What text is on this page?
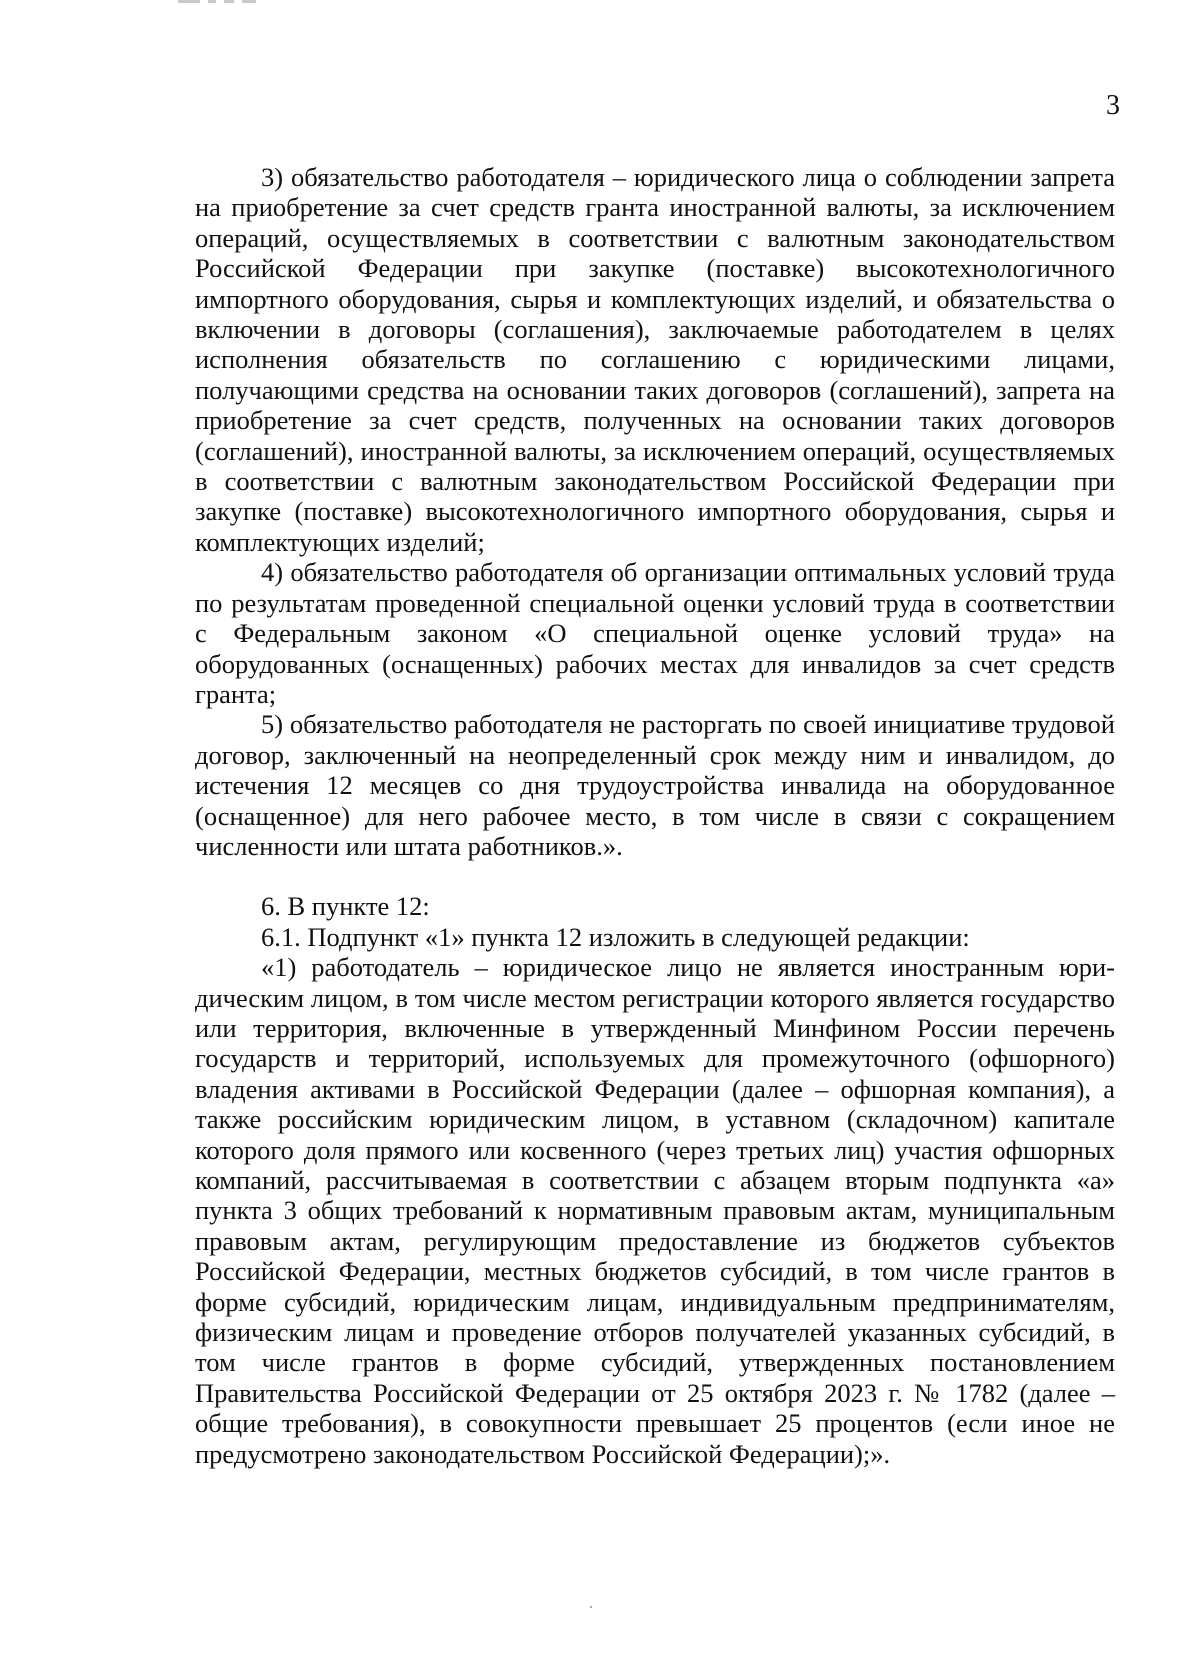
3

3) обязательство работодателя – юридического лица о соблюдении запрета на приобретение за счет средств гранта иностранной валюты, за исключением операций, осуществляемых в соответствии с валютным законодательством Российской Федерации при закупке (поставке) высокотехнологичного импортного оборудования, сырья и комплектующих изделий, и обязательства о включении в договоры (соглашения), заключаемые работодателем в целях исполнения обязательств по соглашению с юридическими лицами, получающими средства на основании таких договоров (соглашений), запрета на приобретение за счет средств, полученных на основании таких договоров (соглашений), иностранной валюты, за исключением операций, осуществляемых в соответствии с валютным законодательством Российской Федерации при закупке (поставке) высокотехнологичного импортного оборудования, сырья и комплектующих изделий;

4) обязательство работодателя об организации оптимальных условий труда по результатам проведенной специальной оценки условий труда в соответствии с Федеральным законом «О специальной оценке условий труда» на оборудованных (оснащенных) рабочих местах для инвалидов за счет средств гранта;

5) обязательство работодателя не расторгать по своей инициативе трудовой договор, заключенный на неопределенный срок между ним и инвалидом, до истечения 12 месяцев со дня трудоустройства инвалида на оборудованное (оснащенное) для него рабочее место, в том числе в связи с сокращением численности или штата работников.».

6. В пункте 12:

6.1. Подпункт «1» пункта 12 изложить в следующей редакции:

«1) работодатель – юридическое лицо не является иностранным юридическим лицом, в том числе местом регистрации которого является государство или территория, включенные в утвержденный Минфином России перечень государств и территорий, используемых для промежуточного (офшорного) владения активами в Российской Федерации (далее – офшорная компания), а также российским юридическим лицом, в уставном (складочном) капитале которого доля прямого или косвенного (через третьих лиц) участия офшорных компаний, рассчитываемая в соответствии с абзацем вторым подпункта «а» пункта 3 общих требований к нормативным правовым актам, муниципальным правовым актам, регулирующим предоставление из бюджетов субъектов Российской Федерации, местных бюджетов субсидий, в том числе грантов в форме субсидий, юридическим лицам, индивидуальным предпринимателям, физическим лицам и проведение отборов получателей указанных субсидий, в том числе грантов в форме субсидий, утвержденных постановлением Правительства Российской Федерации от 25 октября 2023 г. № 1782 (далее – общие требования), в совокупности превышает 25 процентов (если иное не предусмотрено законодательством Российской Федерации);».
